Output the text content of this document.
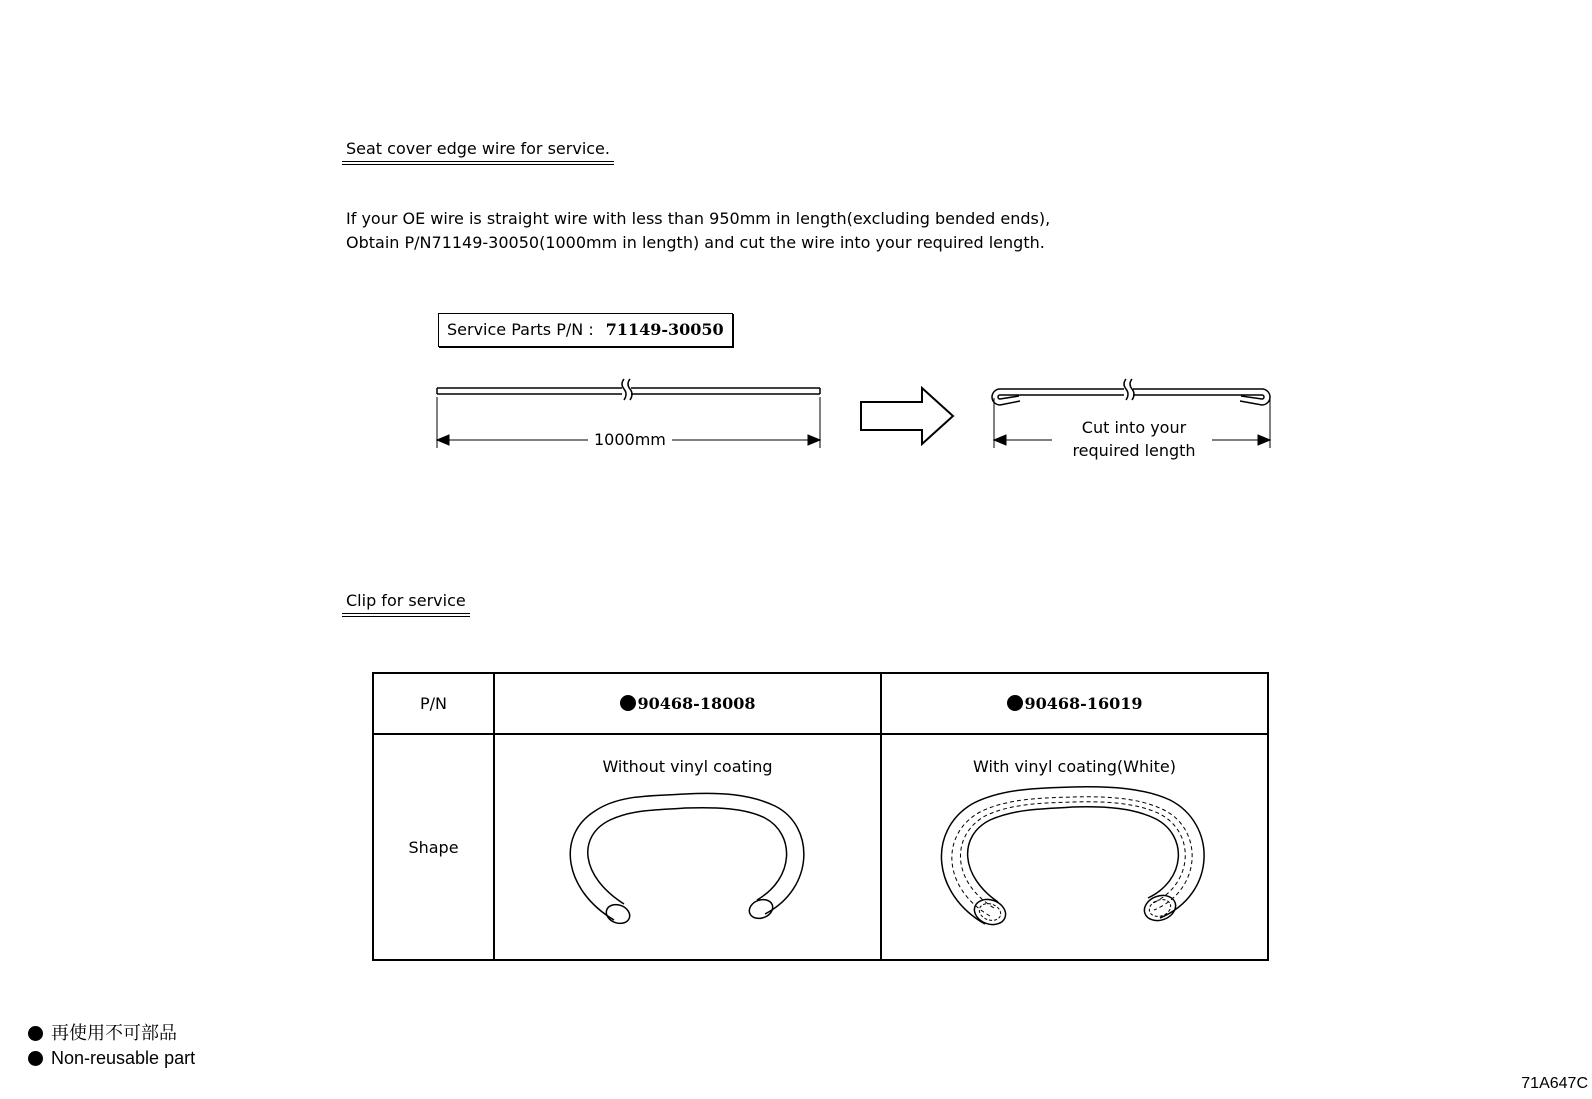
Seat cover edge wire for service.
If your OE wire is straight wire with less than 950mm in length(excluding bended ends),
Obtain P/N71149-30050(1000mm in length) and cut the wire into your required length.
Service Parts P/N : 71149-30050
1000mm
Cut into your
required length
Clip for service
P/N	90468-18008	90468-16019
Shape	Without vinyl coating	With vinyl coating(White)
再使用不可部品
Non-reusable part
71A647C
